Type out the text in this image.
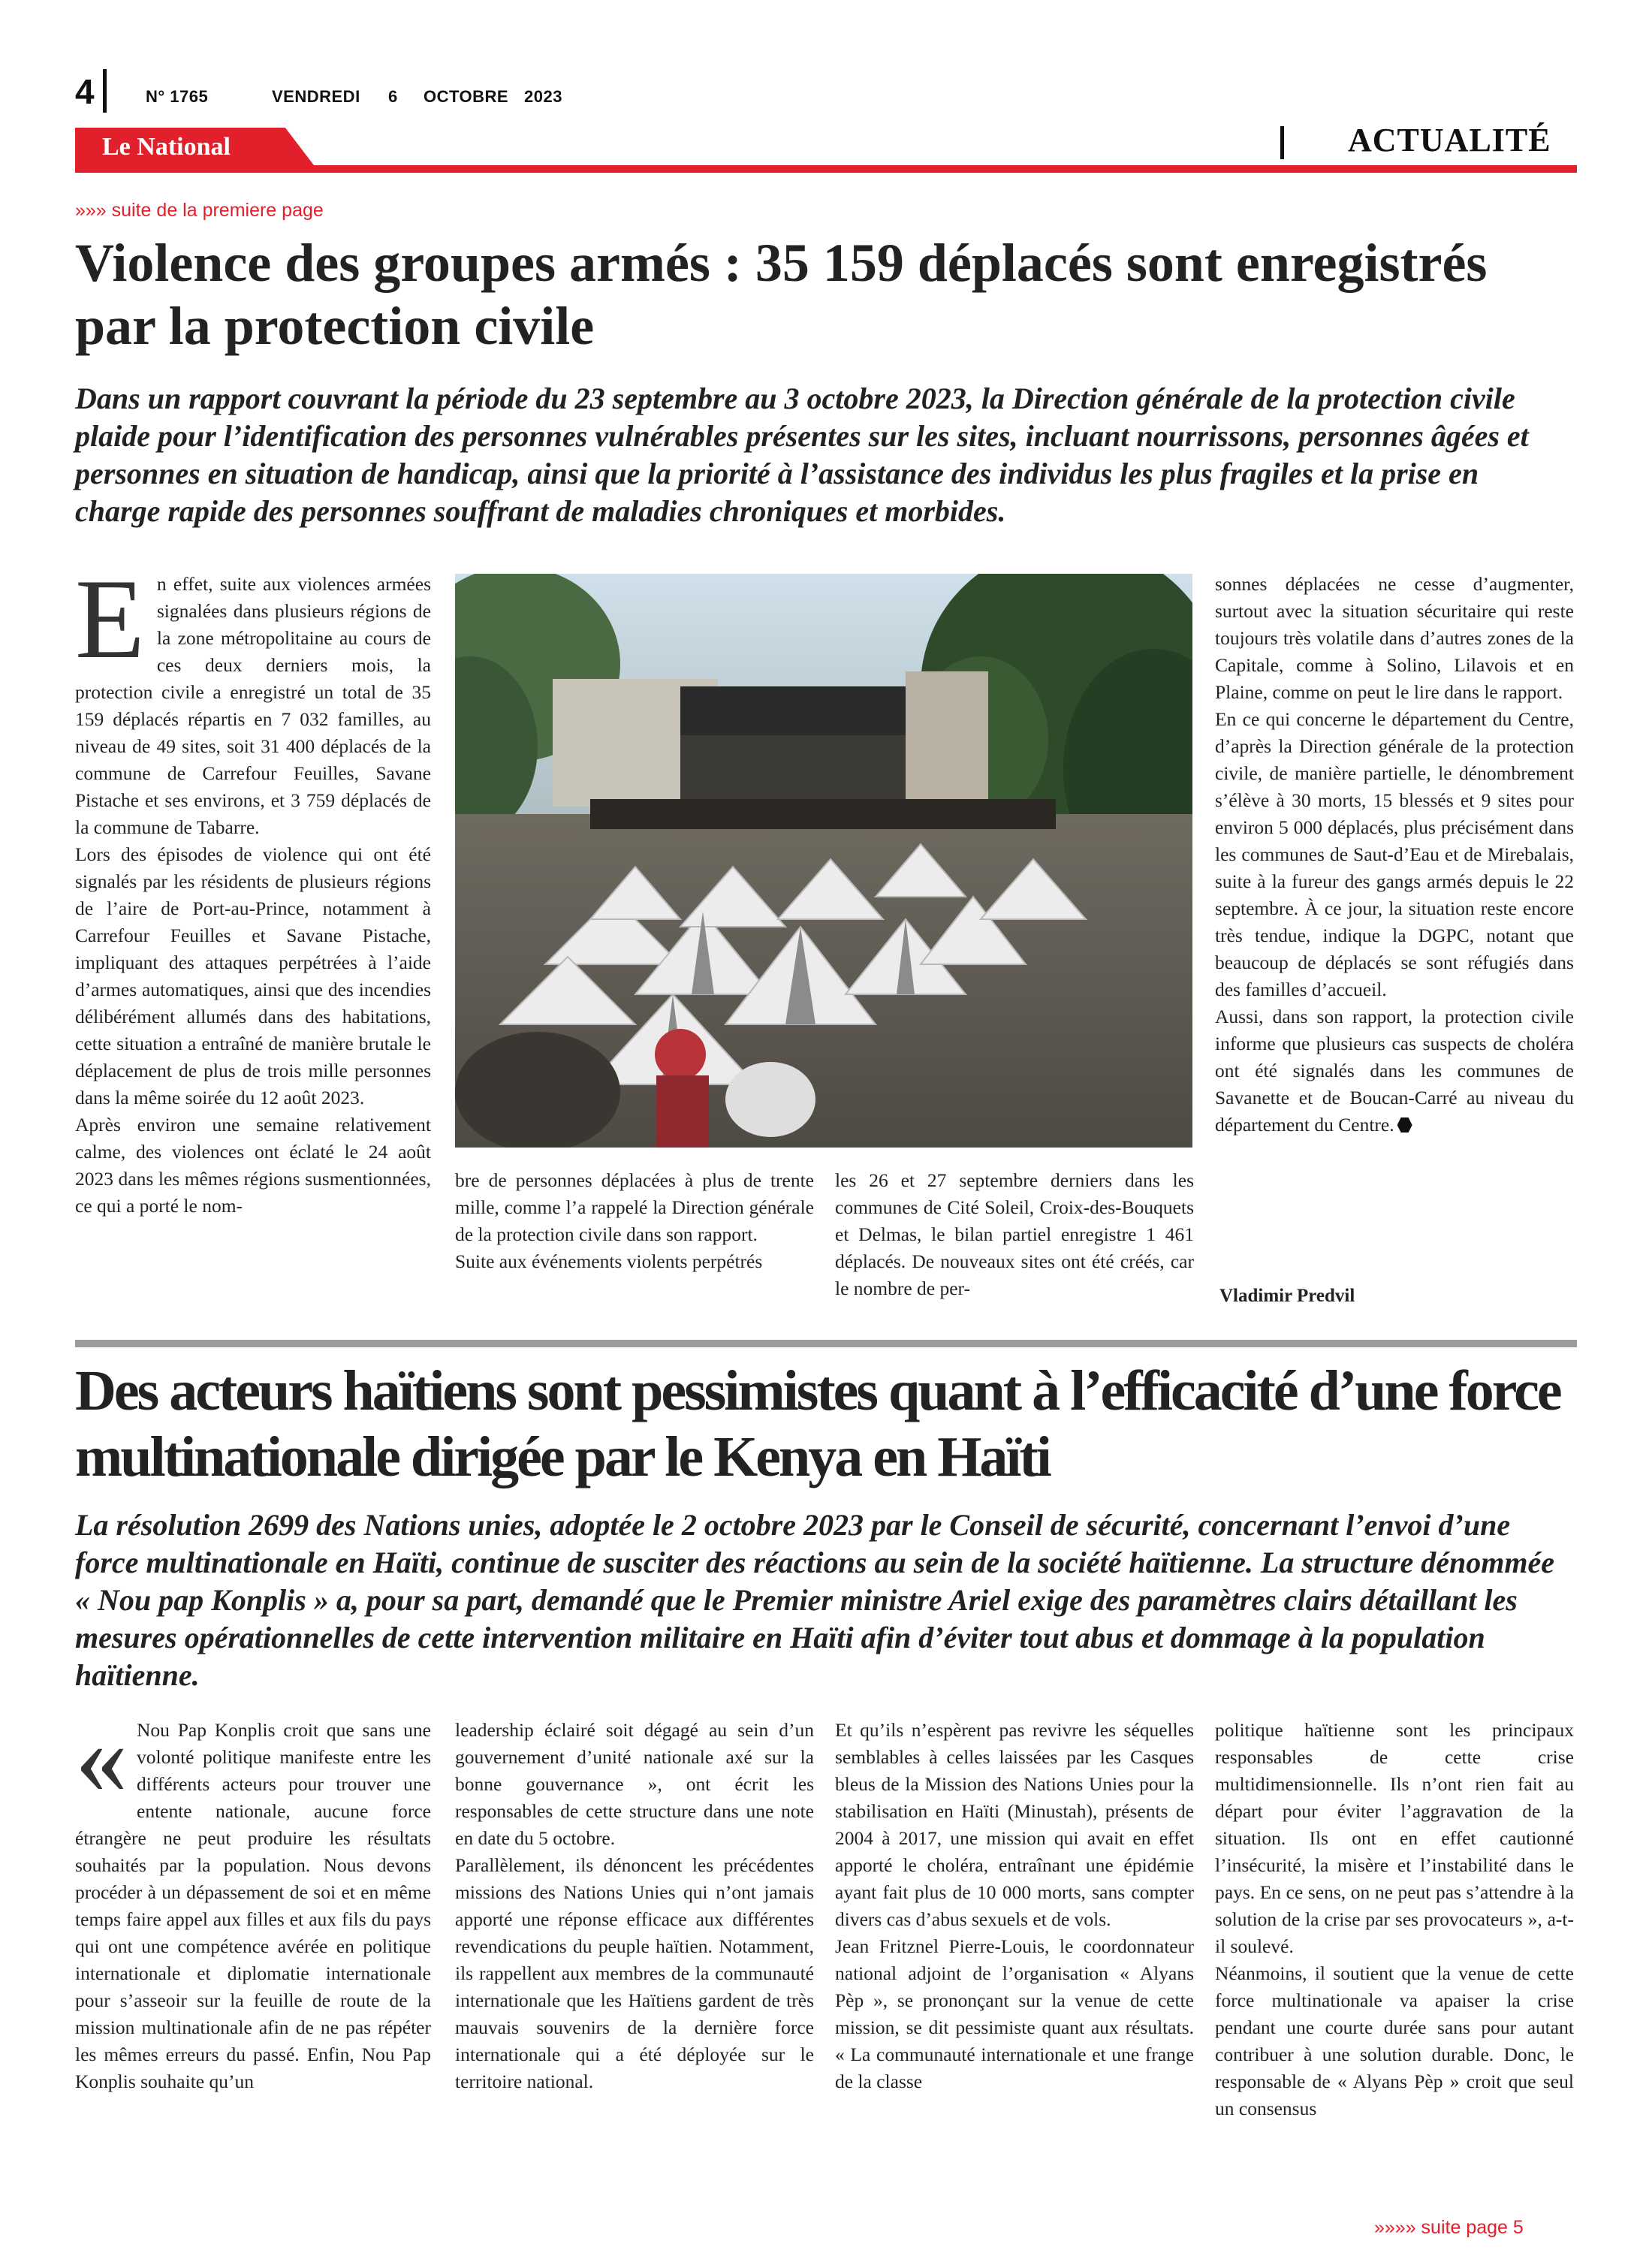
4	N° 1765	VENDREDI 6 OCTOBRE 2023
Le National	ACTUALITÉ
»»» suite de la premiere page
Violence des groupes armés : 35 159 déplacés sont enregistrés par la protection civile
Dans un rapport couvrant la période du 23 septembre au 3 octobre 2023, la Direction générale de la protection civile plaide pour l’identification des personnes vulnérables présentes sur les sites, incluant nourrissons, personnes âgées et personnes en situation de handicap, ainsi que la priorité à l’assistance des individus les plus fragiles et la prise en charge rapide des personnes souffrant de maladies chroniques et morbides.

En effet, suite aux violences armées signalées dans plusieurs régions de la zone métropolitaine au cours de ces deux derniers mois, la protection civile a enregistré un total de 35 159 déplacés répartis en 7 032 familles, au niveau de 49 sites, soit 31 400 déplacés de la commune de Carrefour Feuilles, Savane Pistache et ses environs, et 3 759 déplacés de la commune de Tabarre.

Lors des épisodes de violence qui ont été signalés par les résidents de plusieurs régions de l’aire de Port-au-Prince, notamment à Carrefour Feuilles et Savane Pistache, impliquant des attaques perpétrées à l’aide d’armes automatiques, ainsi que des incendies délibérément allumés dans des habitations, cette situation a entraîné de manière brutale le déplacement de plus de trois mille personnes dans la même soirée du 12 août 2023.

Après environ une semaine relativement calme, des violences ont éclaté le 24 août 2023 dans les mêmes régions susmentionnées, ce qui a porté le nom-

bre de personnes déplacées à plus de trente mille, comme l’a rappelé la Direction générale de la protection civile dans son rapport.

Suite aux événements violents perpétrés

les 26 et 27 septembre derniers dans les communes de Cité Soleil, Croix-des-Bouquets et Delmas, le bilan partiel enregistre 1 461 déplacés. De nouveaux sites ont été créés, car le nombre de per-

sonnes déplacées ne cesse d’augmenter, surtout avec la situation sécuritaire qui reste toujours très volatile dans d’autres zones de la Capitale, comme à Solino, Lilavois et en Plaine, comme on peut le lire dans le rapport.

En ce qui concerne le département du Centre, d’après la Direction générale de la protection civile, de manière partielle, le dénombrement s’élève à 30 morts, 15 blessés et 9 sites pour environ 5 000 déplacés, plus précisément dans les communes de Saut-d’Eau et de Mirebalais, suite à la fureur des gangs armés depuis le 22 septembre. À ce jour, la situation reste encore très tendue, indique la DGPC, notant que beaucoup de déplacés se sont réfugiés dans des familles d’accueil.

Aussi, dans son rapport, la protection civile informe que plusieurs cas suspects de choléra ont été signalés dans les communes de Savanette et de Boucan-Carré au niveau du département du Centre.

Vladimir Predvil
Des acteurs haïtiens sont pessimistes quant à l’efficacité d’une force multinationale dirigée par le Kenya en Haïti
La résolution 2699 des Nations unies, adoptée le 2 octobre 2023 par le Conseil de sécurité, concernant l’envoi d’une force multinationale en Haïti, continue de susciter des réactions au sein de la société haïtienne. La structure dénommée « Nou pap Konplis » a, pour sa part, demandé que le Premier ministre Ariel exige des paramètres clairs détaillant les mesures opérationnelles de cette intervention militaire en Haïti afin d’éviter tout abus et dommage à la population haïtienne.

« Nou Pap Konplis croit que sans une volonté politique manifeste entre les différents acteurs pour trouver une entente nationale, aucune force étrangère ne peut produire les résultats souhaités par la population. Nous devons procéder à un dépassement de soi et en même temps faire appel aux filles et aux fils du pays qui ont une compétence avérée en politique internationale et diplomatie internationale pour s’asseoir sur la feuille de route de la mission multinationale afin de ne pas répéter les mêmes erreurs du passé. Enfin, Nou Pap Konplis souhaite qu’un

leadership éclairé soit dégagé au sein d’un gouvernement d’unité nationale axé sur la bonne gouvernance », ont écrit les responsables de cette structure dans une note en date du 5 octobre.

Parallèlement, ils dénoncent les précédentes missions des Nations Unies qui n’ont jamais apporté une réponse efficace aux différentes revendications du peuple haïtien. Notamment, ils rappellent aux membres de la communauté internationale que les Haïtiens gardent de très mauvais souvenirs de la dernière force internationale qui a été déployée sur le territoire national.

Et qu’ils n’espèrent pas revivre les séquelles semblables à celles laissées par les Casques bleus de la Mission des Nations Unies pour la stabilisation en Haïti (Minustah), présents de 2004 à 2017, une mission qui avait en effet apporté le choléra, entraînant une épidémie ayant fait plus de 10 000 morts, sans compter divers cas d’abus sexuels et de vols.

Jean Fritznel Pierre-Louis, le coordonnateur national adjoint de l’organisation « Alyans Pèp », se prononçant sur la venue de cette mission, se dit pessimiste quant aux résultats. « La communauté internationale et une frange de la classe

politique haïtienne sont les principaux responsables de cette crise multidimensionnelle. Ils n’ont rien fait au départ pour éviter l’aggravation de la situation. Ils ont en effet cautionné l’insécurité, la misère et l’instabilité dans le pays. En ce sens, on ne peut pas s’attendre à la solution de la crise par ses provocateurs », a-t-il soulevé.

Néanmoins, il soutient que la venue de cette force multinationale va apaiser la crise pendant une courte durée sans pour autant contribuer à une solution durable. Donc, le responsable de « Alyans Pèp » croit que seul un consensus

»»»» suite page 5
